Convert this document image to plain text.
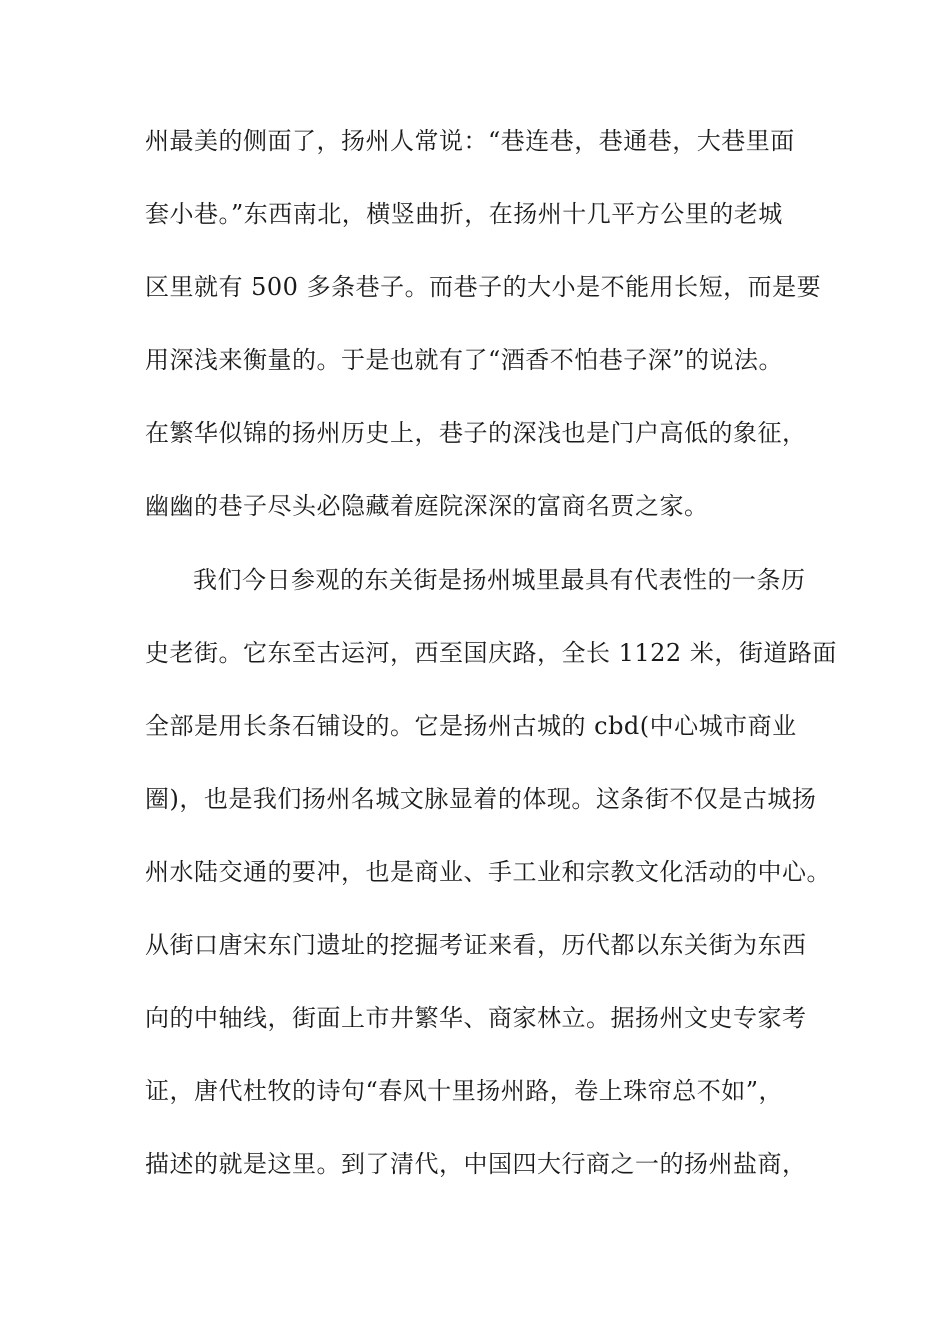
州最美的侧面了，扬州人常说：“巷连巷，巷通巷，大巷里面
套小巷。”东西南北，横竖曲折，在扬州十几平方公里的老城
区里就有 500 多条巷子。而巷子的大小是不能用长短，而是要
用深浅来衡量的。于是也就有了“酒香不怕巷子深”的说法。
在繁华似锦的扬州历史上，巷子的深浅也是门户高低的象征，
幽幽的巷子尽头必隐藏着庭院深深的富商名贾之家。
我们今日参观的东关街是扬州城里最具有代表性的一条历
史老街。它东至古运河，西至国庆路，全长 1122 米，街道路面
全部是用长条石铺设的。它是扬州古城的 cbd(中心城市商业
圈)，也是我们扬州名城文脉显着的体现。这条街不仅是古城扬
州水陆交通的要冲，也是商业、手工业和宗教文化活动的中心。
从街口唐宋东门遗址的挖掘考证来看，历代都以东关街为东西
向的中轴线，街面上市井繁华、商家林立。据扬州文史专家考
证，唐代杜牧的诗句“春风十里扬州路，卷上珠帘总不如”，
描述的就是这里。到了清代，中国四大行商之一的扬州盐商，
